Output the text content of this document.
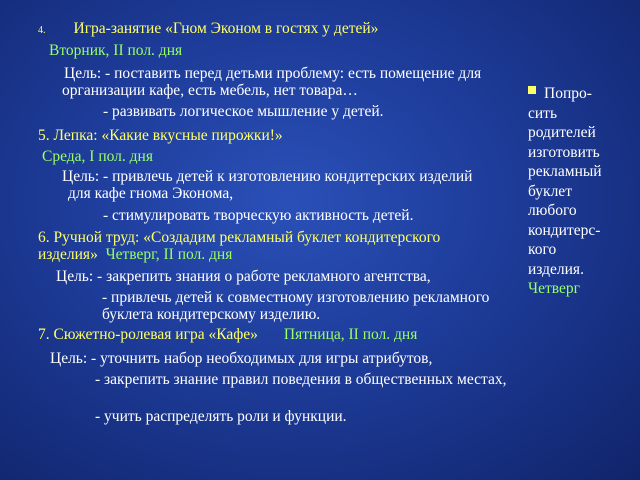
4. Игра-занятие «Гном Эконом в гостях у детей»
Вторник, II пол. дня
Цель: - поставить перед детьми проблему: есть помещение для организации кафе, есть мебель, нет товара…
- развивать логическое мышление у детей.
5. Лепка: «Какие вкусные пирожки!»
Среда, I пол. дня
Цель: - привлечь детей к изготовлению кондитерских изделий для кафе гнома Эконома,
- стимулировать творческую активность детей.
6. Ручной труд: «Создадим рекламный буклет кондитерского изделия» Четверг, II пол. дня
Цель: - закрепить знания о работе рекламного агентства,
- привлечь детей к совместному изготовлению рекламного буклета кондитерскому изделию.
7. Сюжетно-ролевая игра «Кафе» Пятница, II пол. дня
Цель: - уточнить набор необходимых для игры атрибутов,
- закрепить знание правил поведения в общественных местах,
- учить распределять роли и функции.
Попро-
сить
родителей
изготовить
рекламный
буклет
любого
кондитерс-
кого
изделия.
Четверг
